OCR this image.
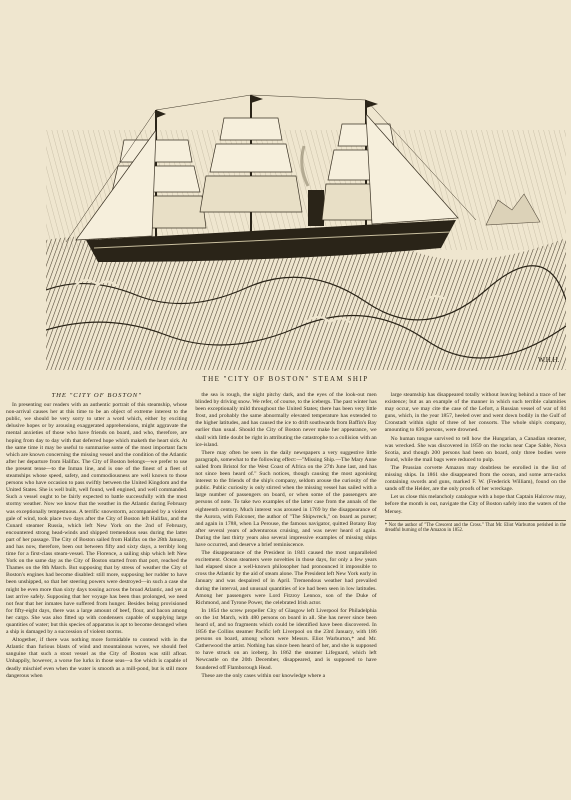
W.H.H.
THE "CITY OF BOSTON" STEAM SHIP
THE "CITY OF BOSTON"

In presenting our readers with an authentic portrait of this steamship, whose non-arrival causes her at this time to be an object of extreme interest to the public, we should be very sorry to utter a word which, either by exciting delusive hopes or by arousing exaggerated apprehensions, might aggravate the mental anxieties of those who have friends on board, and who, therefore, are hoping from day to day with that deferred hope which maketh the heart sick. At the same time it may be useful to summarise some of the most important facts which are known concerning the missing vessel and the condition of the Atlantic after her departure from Halifax. The City of Boston belongs—we prefer to use the present tense—to the Inman line, and is one of the finest of a fleet of steamships whose speed, safety, and commodiousness are well known to those persons who have occasion to pass swiftly between the United Kingdom and the United States. She is well built, well found, well engined, and well commanded. Such a vessel ought to be fairly expected to battle successfully with the most stormy weather. Now we know that the weather in the Atlantic during February was exceptionally tempestuous. A terrific snowstorm, accompanied by a violent gale of wind, took place two days after the City of Boston left Halifax, and the Cunard steamer Russia, which left New York on the 2nd of February, encountered strong head-winds and shipped tremendous seas during the latter part of her passage. The City of Boston sailed from Halifax on the 28th January, and has now, therefore, been out between fifty and sixty days, a terribly long time for a first-class steam-vessel. The Florence, a sailing ship which left New York on the same day as the City of Boston started from that port, reached the Thames on the 8th March. But supposing that by stress of weather the City of Boston's engines had become disabled: still more, supposing her rudder to have been unshipped, so that her steering powers were destroyed—in such a case she might be even more than sixty days tossing across the broad Atlantic, and yet at last arrive safely. Supposing that her voyage has been thus prolonged, we need not fear that her inmates have suffered from hunger. Besides being provisioned for fifty-eight days, there was a large amount of beef, flour, and bacon among her cargo. She was also fitted up with condensers capable of supplying large quantities of water; but this species of apparatus is apt to become deranged when a ship is damaged by a succession of violent storms.

Altogether, if there was nothing more formidable to contend with in the Atlantic than furious blasts of wind and mountainous waves, we should feel sanguine that such a stout vessel as the City of Boston was still afloat. Unhappily, however, a worse foe lurks in those seas—a foe which is capable of deadly mischief even when the water is smooth as a mill-pond, but is still more dangerous when

the sea is rough, the night pitchy dark, and the eyes of the look-out men blinded by driving snow. We refer, of course, to the icebergs. The past winter has been exceptionally mild throughout the United States; there has been very little frost, and probably the same abnormally elevated temperature has extended to the higher latitudes, and has caused the ice to drift southwards from Baffin's Bay earlier than usual. Should the City of Boston never make her appearance, we shall with little doubt be right in attributing the catastrophe to a collision with an ice-island.

There may often be seen in the daily newspapers a very suggestive little paragraph, somewhat to the following effect:—"Missing Ship.—The Mary Anne sailed from Bristol for the West Coast of Africa on the 27th June last, and has not since been heard of." Such notices, though causing the most agonising interest to the friends of the ship's company, seldom arouse the curiosity of the public. Public curiosity is only stirred when the missing vessel has sailed with a large number of passengers on board, or when some of the passengers are persons of note. To take two examples of the latter case from the annals of the eighteenth century. Much interest was aroused in 1769 by the disappearance of the Aurora, with Falconer, the author of "The Shipwreck," on board as purser; and again in 1788, when La Perouse, the famous navigator, quitted Botany Bay after several years of adventurous cruising, and was never heard of again. During the last thirty years also several impressive examples of missing ships have occurred, and deserve a brief reminiscence.

The disappearance of the President in 1841 caused the most unparalleled excitement. Ocean steamers were novelties in those days, for only a few years had elapsed since a well-known philosopher had pronounced it impossible to cross the Atlantic by the aid of steam alone. The President left New York early in January and was despaired of in April. Tremendous weather had prevailed during the interval, and unusual quantities of ice had been seen in low latitudes. Among her passengers were Lord Fitzroy Lennox, son of the Duke of Richmond, and Tyrone Power, the celebrated Irish actor.

In 1854 the screw propeller City of Glasgow left Liverpool for Philadelphia on the 1st March, with 480 persons on board in all. She has never since been heard of, and no fragments which could be identified have been discovered. In 1856 the Collins steamer Pacific left Liverpool on the 23rd January, with 186 persons on board, among whom were Messrs. Eliot Warburton,* and Mr. Catherwood the artist. Nothing has since been heard of her, and she is supposed to have struck on an iceberg. In 1862 the steamer Lifeguard, which left Newcastle on the 20th December, disappeared, and is supposed to have foundered off Flamborough Head.

These are the only cases within our knowledge where a

large steamship has disappeared totally without leaving behind a trace of her existence; but as an example of the manner in which such terrible calamities may occur, we may cite the case of the Lefort, a Russian vessel of war of 84 guns, which, in the year 1857, heeled over and went down bodily in the Gulf of Cronstadt within sight of three of her consorts. The whole ship's company, amounting to 836 persons, were drowned.

No human tongue survived to tell how the Hungarian, a Canadian steamer, was wrecked. She was discovered in 1859 on the rocks near Cape Sable, Nova Scotia, and though 200 persons had been on board, only three bodies were found, while the mail bags were reduced to pulp.

The Prussian corvette Amazon may doubtless be enrolled in the list of missing ships. In 1861 she disappeared from the ocean, and some arm-racks containing swords and guns, marked F. W. (Frederick William), found on the sands off the Helder, are the only proofs of her wreckage.

Let us close this melancholy catalogue with a hope that Captain Halcrow may, before the month is out, navigate the City of Boston safely into the waters of the Mersey.

* Not the author of "The Crescent and the Cross." That Mr. Eliot Warburton perished in the dreadful burning of the Amazon in 1852.
